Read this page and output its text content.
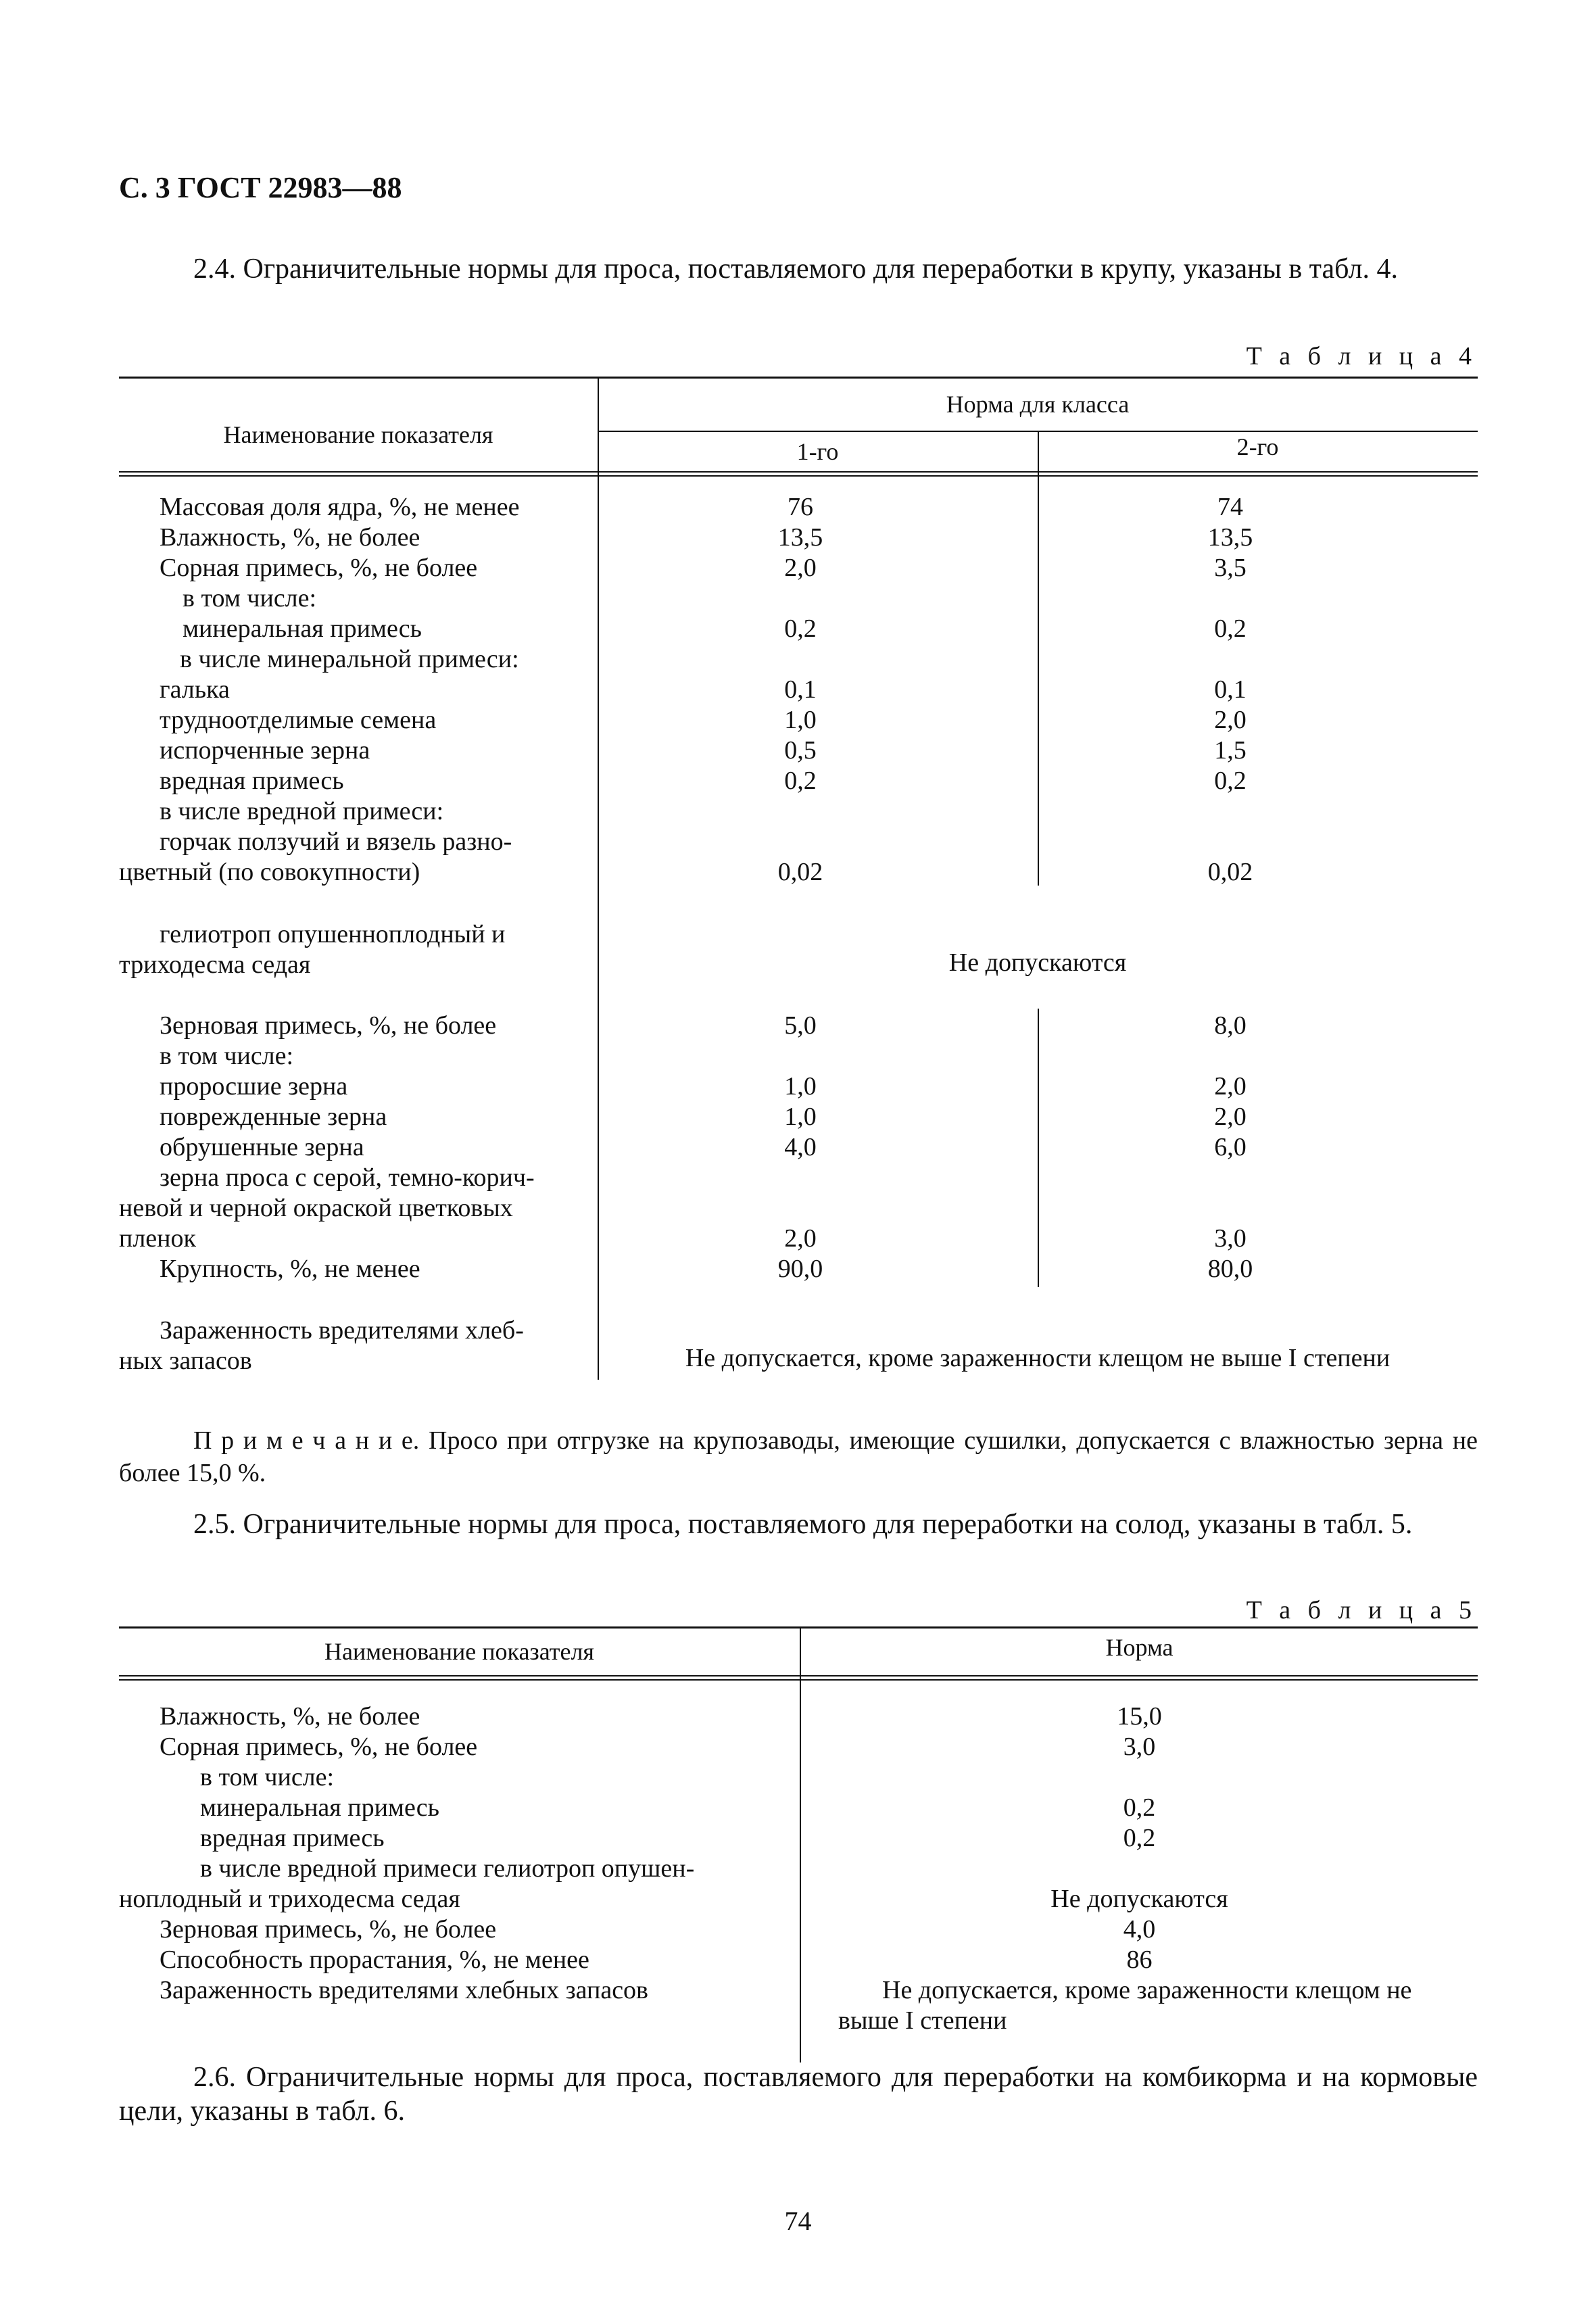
С. 3 ГОСТ 22983—88
2.4. Ограничительные нормы для проса, поставляемого для переработки в крупу, указаны в табл. 4.
Т а б л и ц а 4
Наименование показателя
Норма для класса
1-го	2-го
Массовая доля ядра, %, не менее
Влажность, %, не более
Сорная примесь, %, не более
в том числе:
минеральная примесь
в числе минеральной примеси:
галька
трудноотделимые семена
испорченные зерна
вредная примесь
в числе вредной примеси:
горчак ползучий и вязель разно-
цветный (по совокупности)
гелиотроп опушенноплодный и
триходесма седая
Зерновая примесь, %, не более
в том числе:
проросшие зерна
поврежденные зерна
обрушенные зерна
зерна проса с серой, темно-корич-
невой и черной окраской цветковых
пленок
Крупность, %, не менее
Зараженность вредителями хлеб-
ных запасов
76
13,5
2,0
0,2
0,1
1,0
0,5
0,2
0,02
5,0
1,0
1,0
4,0
2,0
90,0
74
13,5
3,5
0,2
0,1
2,0
1,5
0,2
0,02
8,0
2,0
2,0
6,0
3,0
80,0
Не допускаются
Не допускается, кроме зараженности клещом не выше I степени
П р и м е ч а н и е. Просо при отгрузке на крупозаводы, имеющие сушилки, допускается с влажностью зерна не более 15,0 %.
2.5. Ограничительные нормы для проса, поставляемого для переработки на солод, указаны в табл. 5.
Т а б л и ц а 5
Наименование показателя	Норма
Влажность, %, не более
Сорная примесь, %, не более
в том числе:
минеральная примесь
вредная примесь
в числе вредной примеси гелиотроп опушен-
ноплодный и триходесма седая
Зерновая примесь, %, не более
Способность прорастания, %, не менее
Зараженность вредителями хлебных запасов
15,0
3,0
0,2
0,2
Не допускаются
4,0
86
Не допускается, кроме зараженности клещом не
выше I степени
2.6. Ограничительные нормы для проса, поставляемого для переработки на комбикорма и на кормовые цели, указаны в табл. 6.
74
